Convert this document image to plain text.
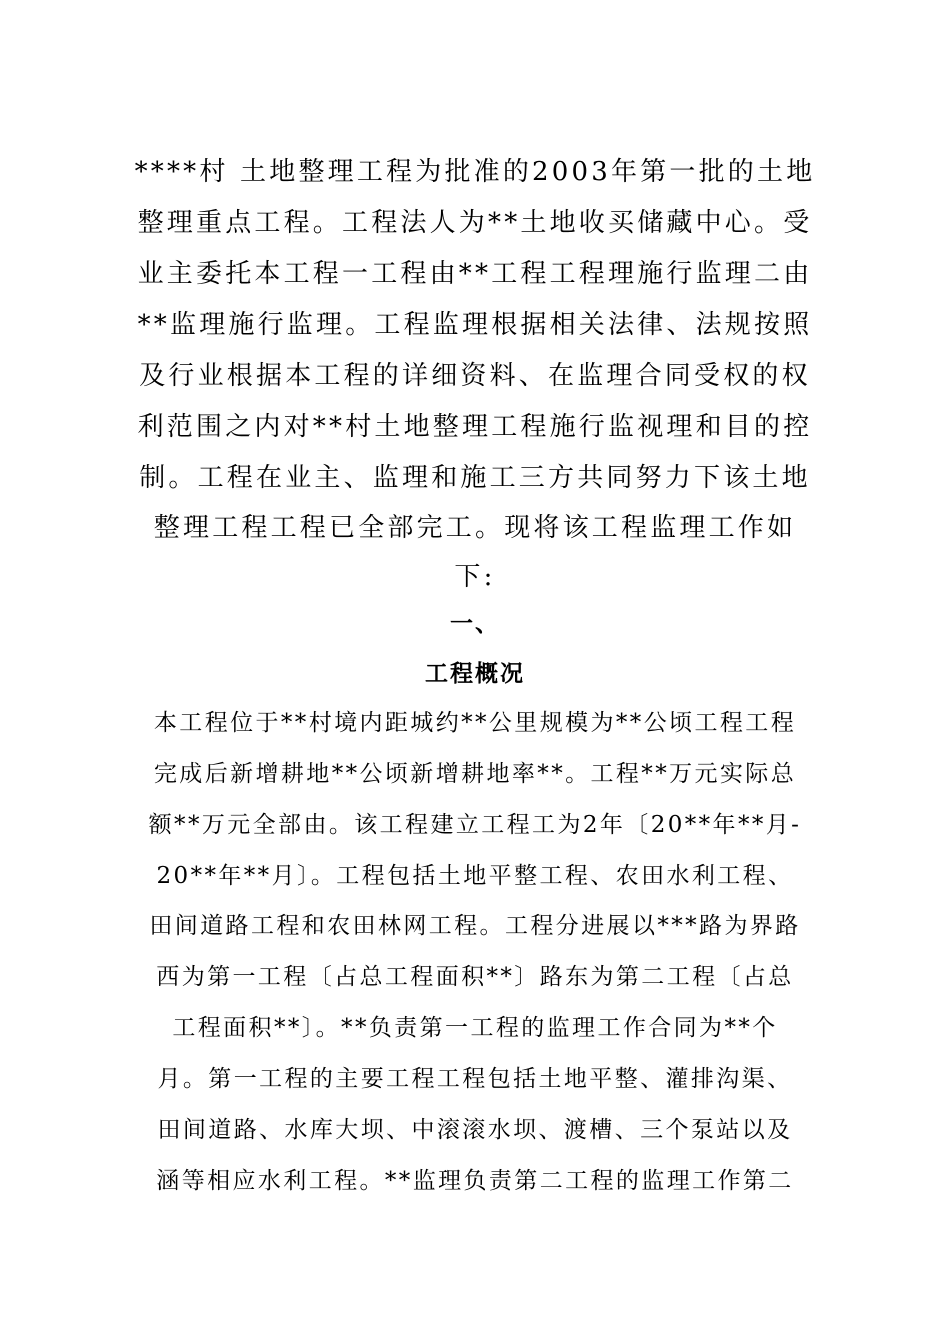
****村 土地整理工程为批准的2003年第一批的土地
整理重点工程。工程法人为**土地收买储藏中心。受
业主委托本工程一工程由**工程工程理施行监理二由
**监理施行监理。工程监理根据相关法律、法规按照
及行业根据本工程的详细资料、在监理合同受权的权
利范围之内对**村土地整理工程施行监视理和目的控
制。工程在业主、监理和施工三方共同努力下该土地
整理工程工程已全部完工。现将该工程监理工作如
下:
一、
工程概况
本工程位于**村境内距城约**公里规模为**公顷工程工程
完成后新增耕地**公顷新增耕地率**。工程**万元实际总
额**万元全部由。该工程建立工程工为2年〔20**年**月-
20**年**月〕。工程包括土地平整工程、农田水利工程、
田间道路工程和农田林网工程。工程分进展以***路为界路
西为第一工程〔占总工程面积**〕路东为第二工程〔占总
工程面积**〕。**负责第一工程的监理工作合同为**个
月。第一工程的主要工程工程包括土地平整、灌排沟渠、
田间道路、水库大坝、中滚滚水坝、渡槽、三个泵站以及
涵等相应水利工程。**监理负责第二工程的监理工作第二
